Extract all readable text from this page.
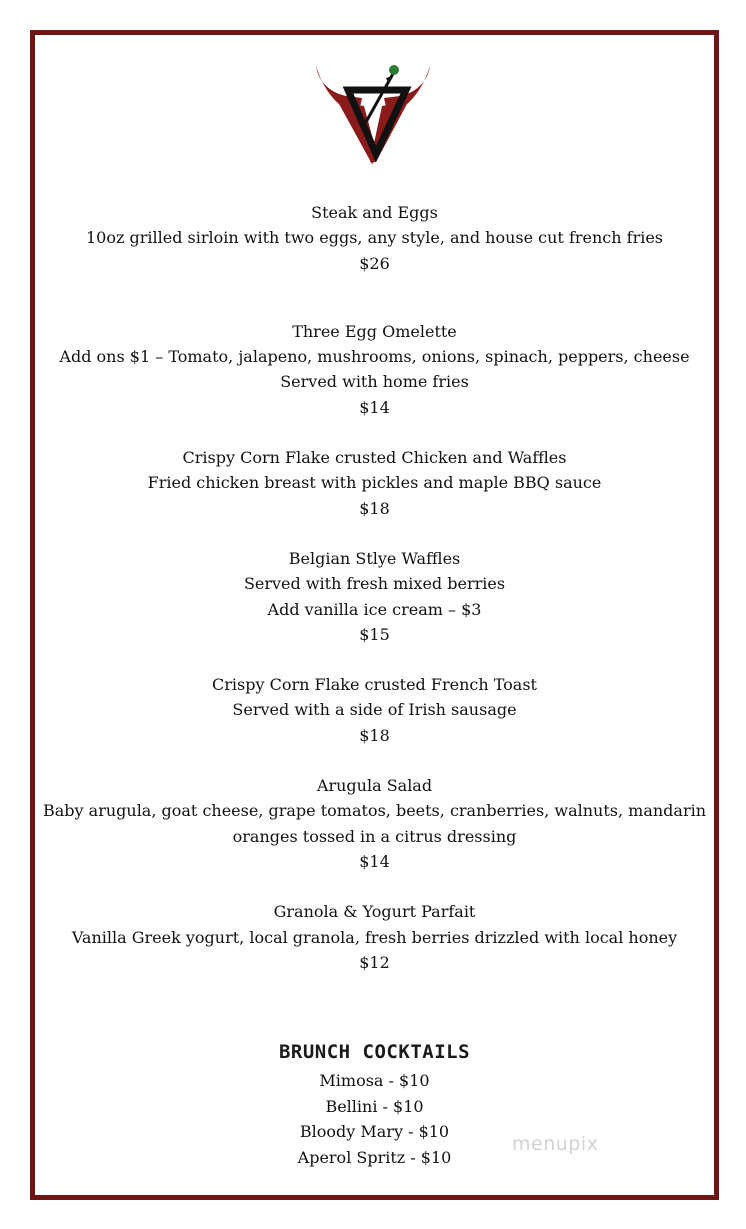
Steak and Eggs

10oz grilled sirloin with two eggs, any style, and house cut french fries

$26

Three Egg Omelette

Add ons $1 – Tomato, jalapeno, mushrooms, onions, spinach, peppers, cheese

Served with home fries

$14

Crispy Corn Flake crusted Chicken and Waffles

Fried chicken breast with pickles and maple BBQ sauce

$18

Belgian Stlye Waffles

Served with fresh mixed berries

Add vanilla ice cream – $3

$15

Crispy Corn Flake crusted French Toast

Served with a side of Irish sausage

$18

Arugula Salad

Baby arugula, goat cheese, grape tomatos, beets, cranberries, walnuts, mandarin

oranges tossed in a citrus dressing

$14

Granola & Yogurt Parfait

Vanilla Greek yogurt, local granola, fresh berries drizzled with local honey

$12

BRUNCH COCKTAILS

Mimosa - $10

Bellini - $10

Bloody Mary - $10

Aperol Spritz - $10

menupix
